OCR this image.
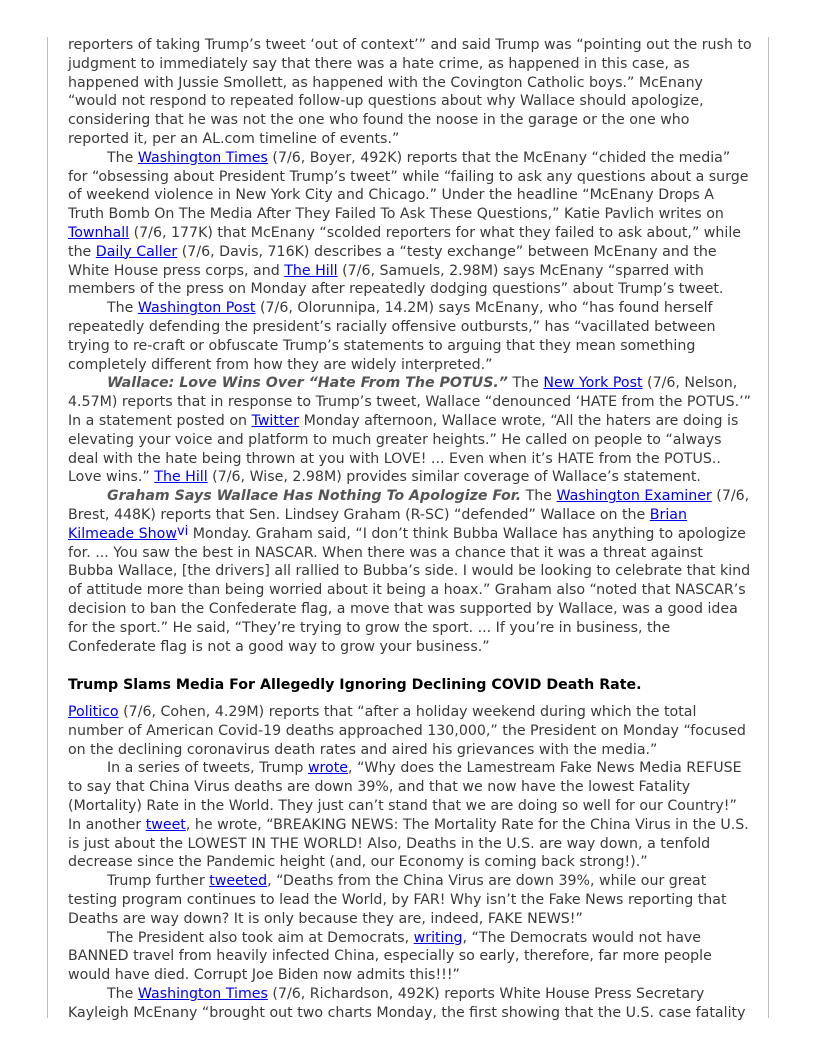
reporters of taking Trump’s tweet ‘out of context’” and said Trump was “pointing out the rush to judgment to immediately say that there was a hate crime, as happened in this case, as happened with Jussie Smollett, as happened with the Covington Catholic boys.” McEnany “would not respond to repeated follow-up questions about why Wallace should apologize, considering that he was not the one who found the noose in the garage or the one who reported it, per an AL.com timeline of events.”

The Washington Times (7/6, Boyer, 492K) reports that the McEnany “chided the media” for “obsessing about President Trump’s tweet” while “failing to ask any questions about a surge of weekend violence in New York City and Chicago.” Under the headline “McEnany Drops A Truth Bomb On The Media After They Failed To Ask These Questions,” Katie Pavlich writes on Townhall (7/6, 177K) that McEnany “scolded reporters for what they failed to ask about,” while the Daily Caller (7/6, Davis, 716K) describes a “testy exchange” between McEnany and the White House press corps, and The Hill (7/6, Samuels, 2.98M) says McEnany “sparred with members of the press on Monday after repeatedly dodging questions” about Trump’s tweet.

The Washington Post (7/6, Olorunnipa, 14.2M) says McEnany, who “has found herself repeatedly defending the president’s racially offensive outbursts,” has “vacillated between trying to re-craft or obfuscate Trump’s statements to arguing that they mean something completely different from how they are widely interpreted.”

Wallace: Love Wins Over “Hate From The POTUS.” The New York Post (7/6, Nelson, 4.57M) reports that in response to Trump’s tweet, Wallace “denounced ‘HATE from the POTUS.’” In a statement posted on Twitter Monday afternoon, Wallace wrote, “All the haters are doing is elevating your voice and platform to much greater heights.” He called on people to “always deal with the hate being thrown at you with LOVE! ... Even when it’s HATE from the POTUS.. Love wins.” The Hill (7/6, Wise, 2.98M) provides similar coverage of Wallace’s statement.

Graham Says Wallace Has Nothing To Apologize For. The Washington Examiner (7/6, Brest, 448K) reports that Sen. Lindsey Graham (R-SC) “defended” Wallace on the Brian Kilmeade Show$^{vi}$ Monday. Graham said, “I don’t think Bubba Wallace has anything to apologize for. ... You saw the best in NASCAR. When there was a chance that it was a threat against Bubba Wallace, [the drivers] all rallied to Bubba’s side. I would be looking to celebrate that kind of attitude more than being worried about it being a hoax.” Graham also “noted that NASCAR’s decision to ban the Confederate flag, a move that was supported by Wallace, was a good idea for the sport.” He said, “They’re trying to grow the sport. ... If you’re in business, the Confederate flag is not a good way to grow your business.”

Trump Slams Media For Allegedly Ignoring Declining COVID Death Rate.

Politico (7/6, Cohen, 4.29M) reports that “after a holiday weekend during which the total number of American Covid-19 deaths approached 130,000,” the President on Monday “focused on the declining coronavirus death rates and aired his grievances with the media.”

In a series of tweets, Trump wrote, “Why does the Lamestream Fake News Media REFUSE to say that China Virus deaths are down 39%, and that we now have the lowest Fatality (Mortality) Rate in the World. They just can’t stand that we are doing so well for our Country!” In another tweet, he wrote, “BREAKING NEWS: The Mortality Rate for the China Virus in the U.S. is just about the LOWEST IN THE WORLD! Also, Deaths in the U.S. are way down, a tenfold decrease since the Pandemic height (and, our Economy is coming back strong!).”

Trump further tweeted, “Deaths from the China Virus are down 39%, while our great testing program continues to lead the World, by FAR! Why isn’t the Fake News reporting that Deaths are way down? It is only because they are, indeed, FAKE NEWS!”

The President also took aim at Democrats, writing, “The Democrats would not have BANNED travel from heavily infected China, especially so early, therefore, far more people would have died. Corrupt Joe Biden now admits this!!!”

The Washington Times (7/6, Richardson, 492K) reports White House Press Secretary Kayleigh McEnany “brought out two charts Monday, the first showing that the U.S. case fatality
